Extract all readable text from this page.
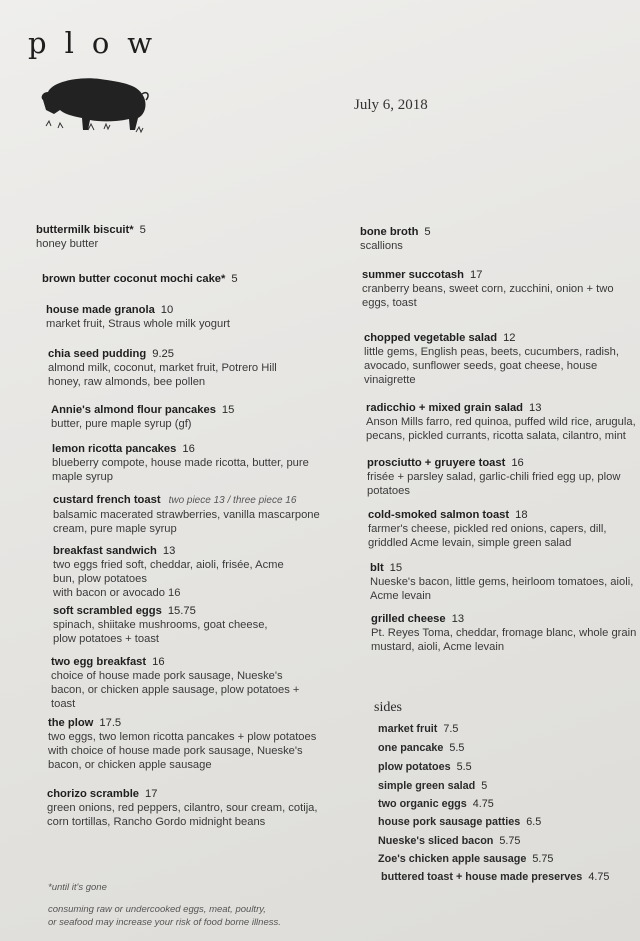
plow
July 6, 2018
buttermilk biscuit* 5
honey butter
brown butter coconut mochi cake* 5
house made granola 10
market fruit, Straus whole milk yogurt
chia seed pudding 9.25
almond milk, coconut, market fruit, Potrero Hill
honey, raw almonds, bee pollen
Annie's almond flour pancakes 15
butter, pure maple syrup (gf)
lemon ricotta pancakes 16
blueberry compote, house made ricotta, butter, pure
maple syrup
custard french toast two piece 13 / three piece 16
balsamic macerated strawberries, vanilla mascarpone
cream, pure maple syrup
breakfast sandwich 13
two eggs fried soft, cheddar, aioli, frisée, Acme
bun, plow potatoes
with bacon or avocado 16
soft scrambled eggs 15.75
spinach, shiitake mushrooms, goat cheese,
plow potatoes + toast
two egg breakfast 16
choice of house made pork sausage, Nueske's
bacon, or chicken apple sausage, plow potatoes +
toast
the plow 17.5
two eggs, two lemon ricotta pancakes + plow potatoes
with choice of house made pork sausage, Nueske's
bacon, or chicken apple sausage
chorizo scramble 17
green onions, red peppers, cilantro, sour cream, cotija,
corn tortillas, Rancho Gordo midnight beans
bone broth 5
scallions
summer succotash 17
cranberry beans, sweet corn, zucchini, onion + two
eggs, toast
chopped vegetable salad 12
little gems, English peas, beets, cucumbers, radish,
avocado, sunflower seeds, goat cheese, house
vinaigrette
radicchio + mixed grain salad 13
Anson Mills farro, red quinoa, puffed wild rice, arugula,
pecans, pickled currants, ricotta salata, cilantro, mint
prosciutto + gruyere toast 16
frisée + parsley salad, garlic-chili fried egg up, plow
potatoes
cold-smoked salmon toast 18
farmer's cheese, pickled red onions, capers, dill,
griddled Acme levain, simple green salad
blt 15
Nueske's bacon, little gems, heirloom tomatoes, aioli,
Acme levain
grilled cheese 13
Pt. Reyes Toma, cheddar, fromage blanc, whole grain
mustard, aioli, Acme levain
sides
market fruit 7.5
one pancake 5.5
plow potatoes 5.5
simple green salad 5
two organic eggs 4.75
house pork sausage patties 6.5
Nueske's sliced bacon 5.75
Zoe's chicken apple sausage 5.75
buttered toast + house made preserves 4.75
*until it's gone
consuming raw or undercooked eggs, meat, poultry,
or seafood may increase your risk of food borne illness.
